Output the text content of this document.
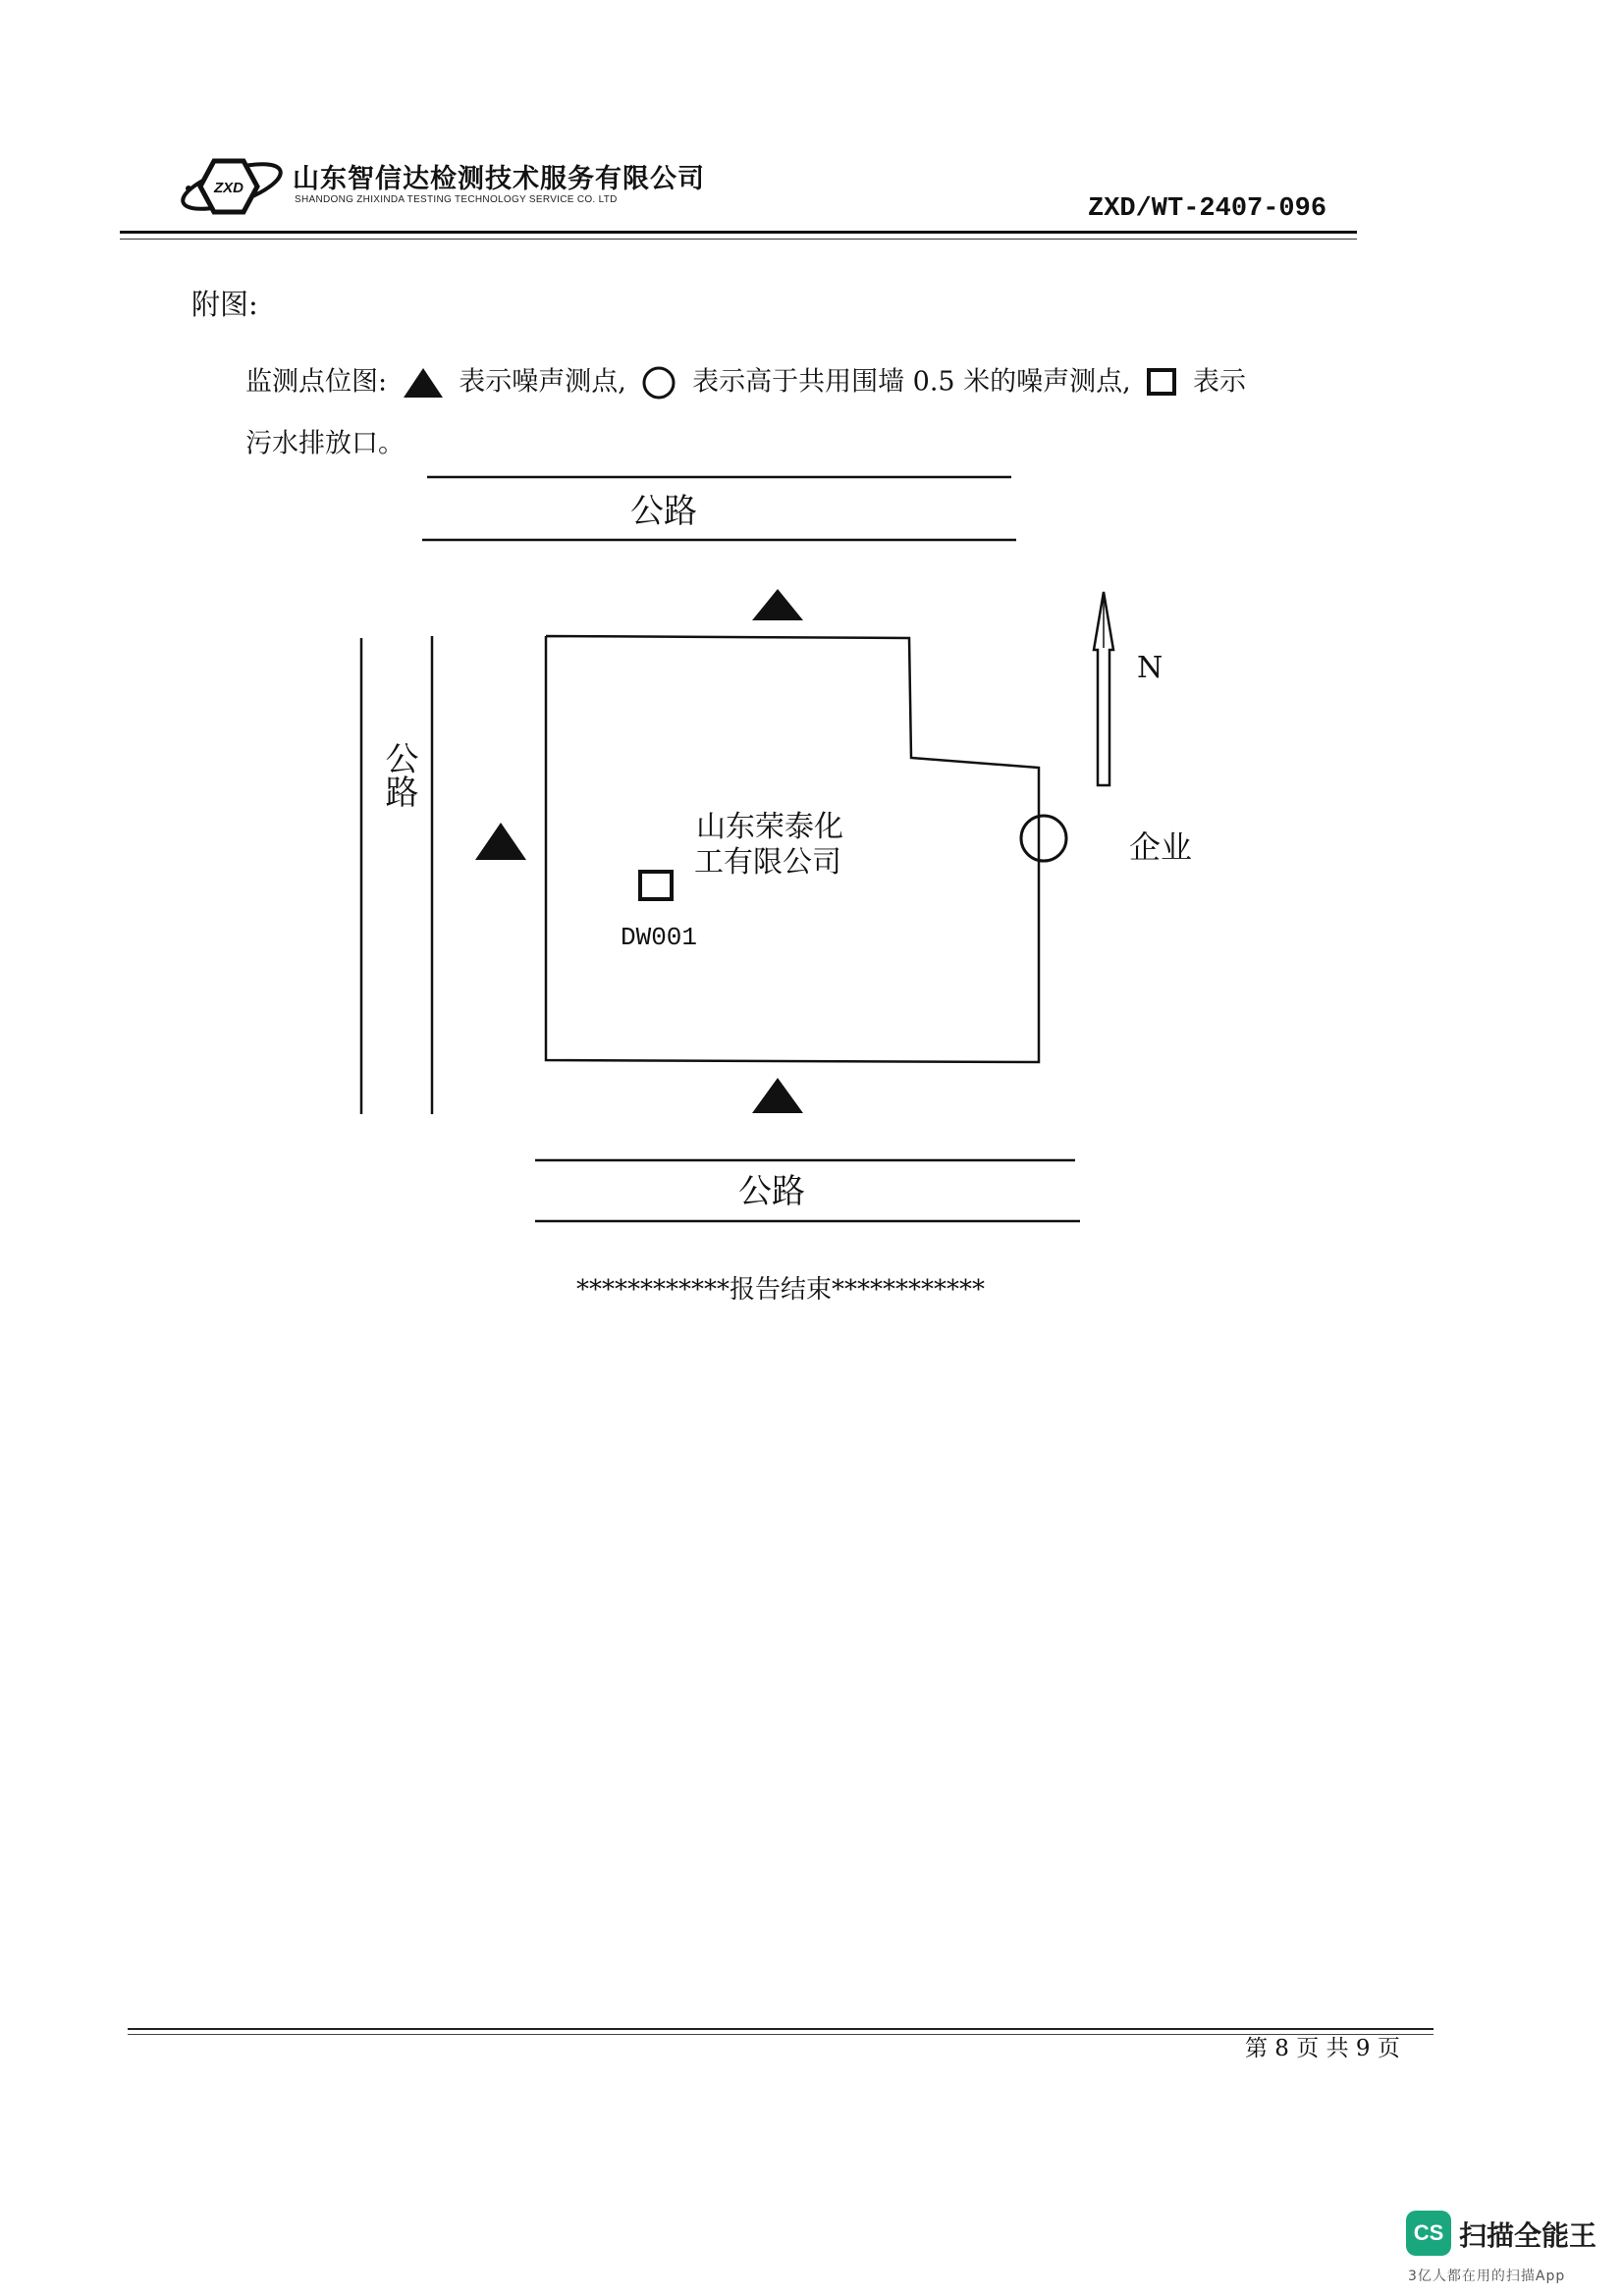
ZXD 山东智信达检测技术服务有限公司
SHANDONG ZHIXINDA TESTING TECHNOLOGY SERVICE CO. LTD	ZXD/WT-2407-096
附图:
监测点位图:	表示噪声测点, 表示高于共用围墙 0.5 米的噪声测点, 表示
污水排放口。
公路
公路
公路
山东荣泰化
工有限公司
DW001
企业
N
************报告结束************
第 8 页 共 9 页
CS 扫描全能王
3亿人都在用的扫描App
